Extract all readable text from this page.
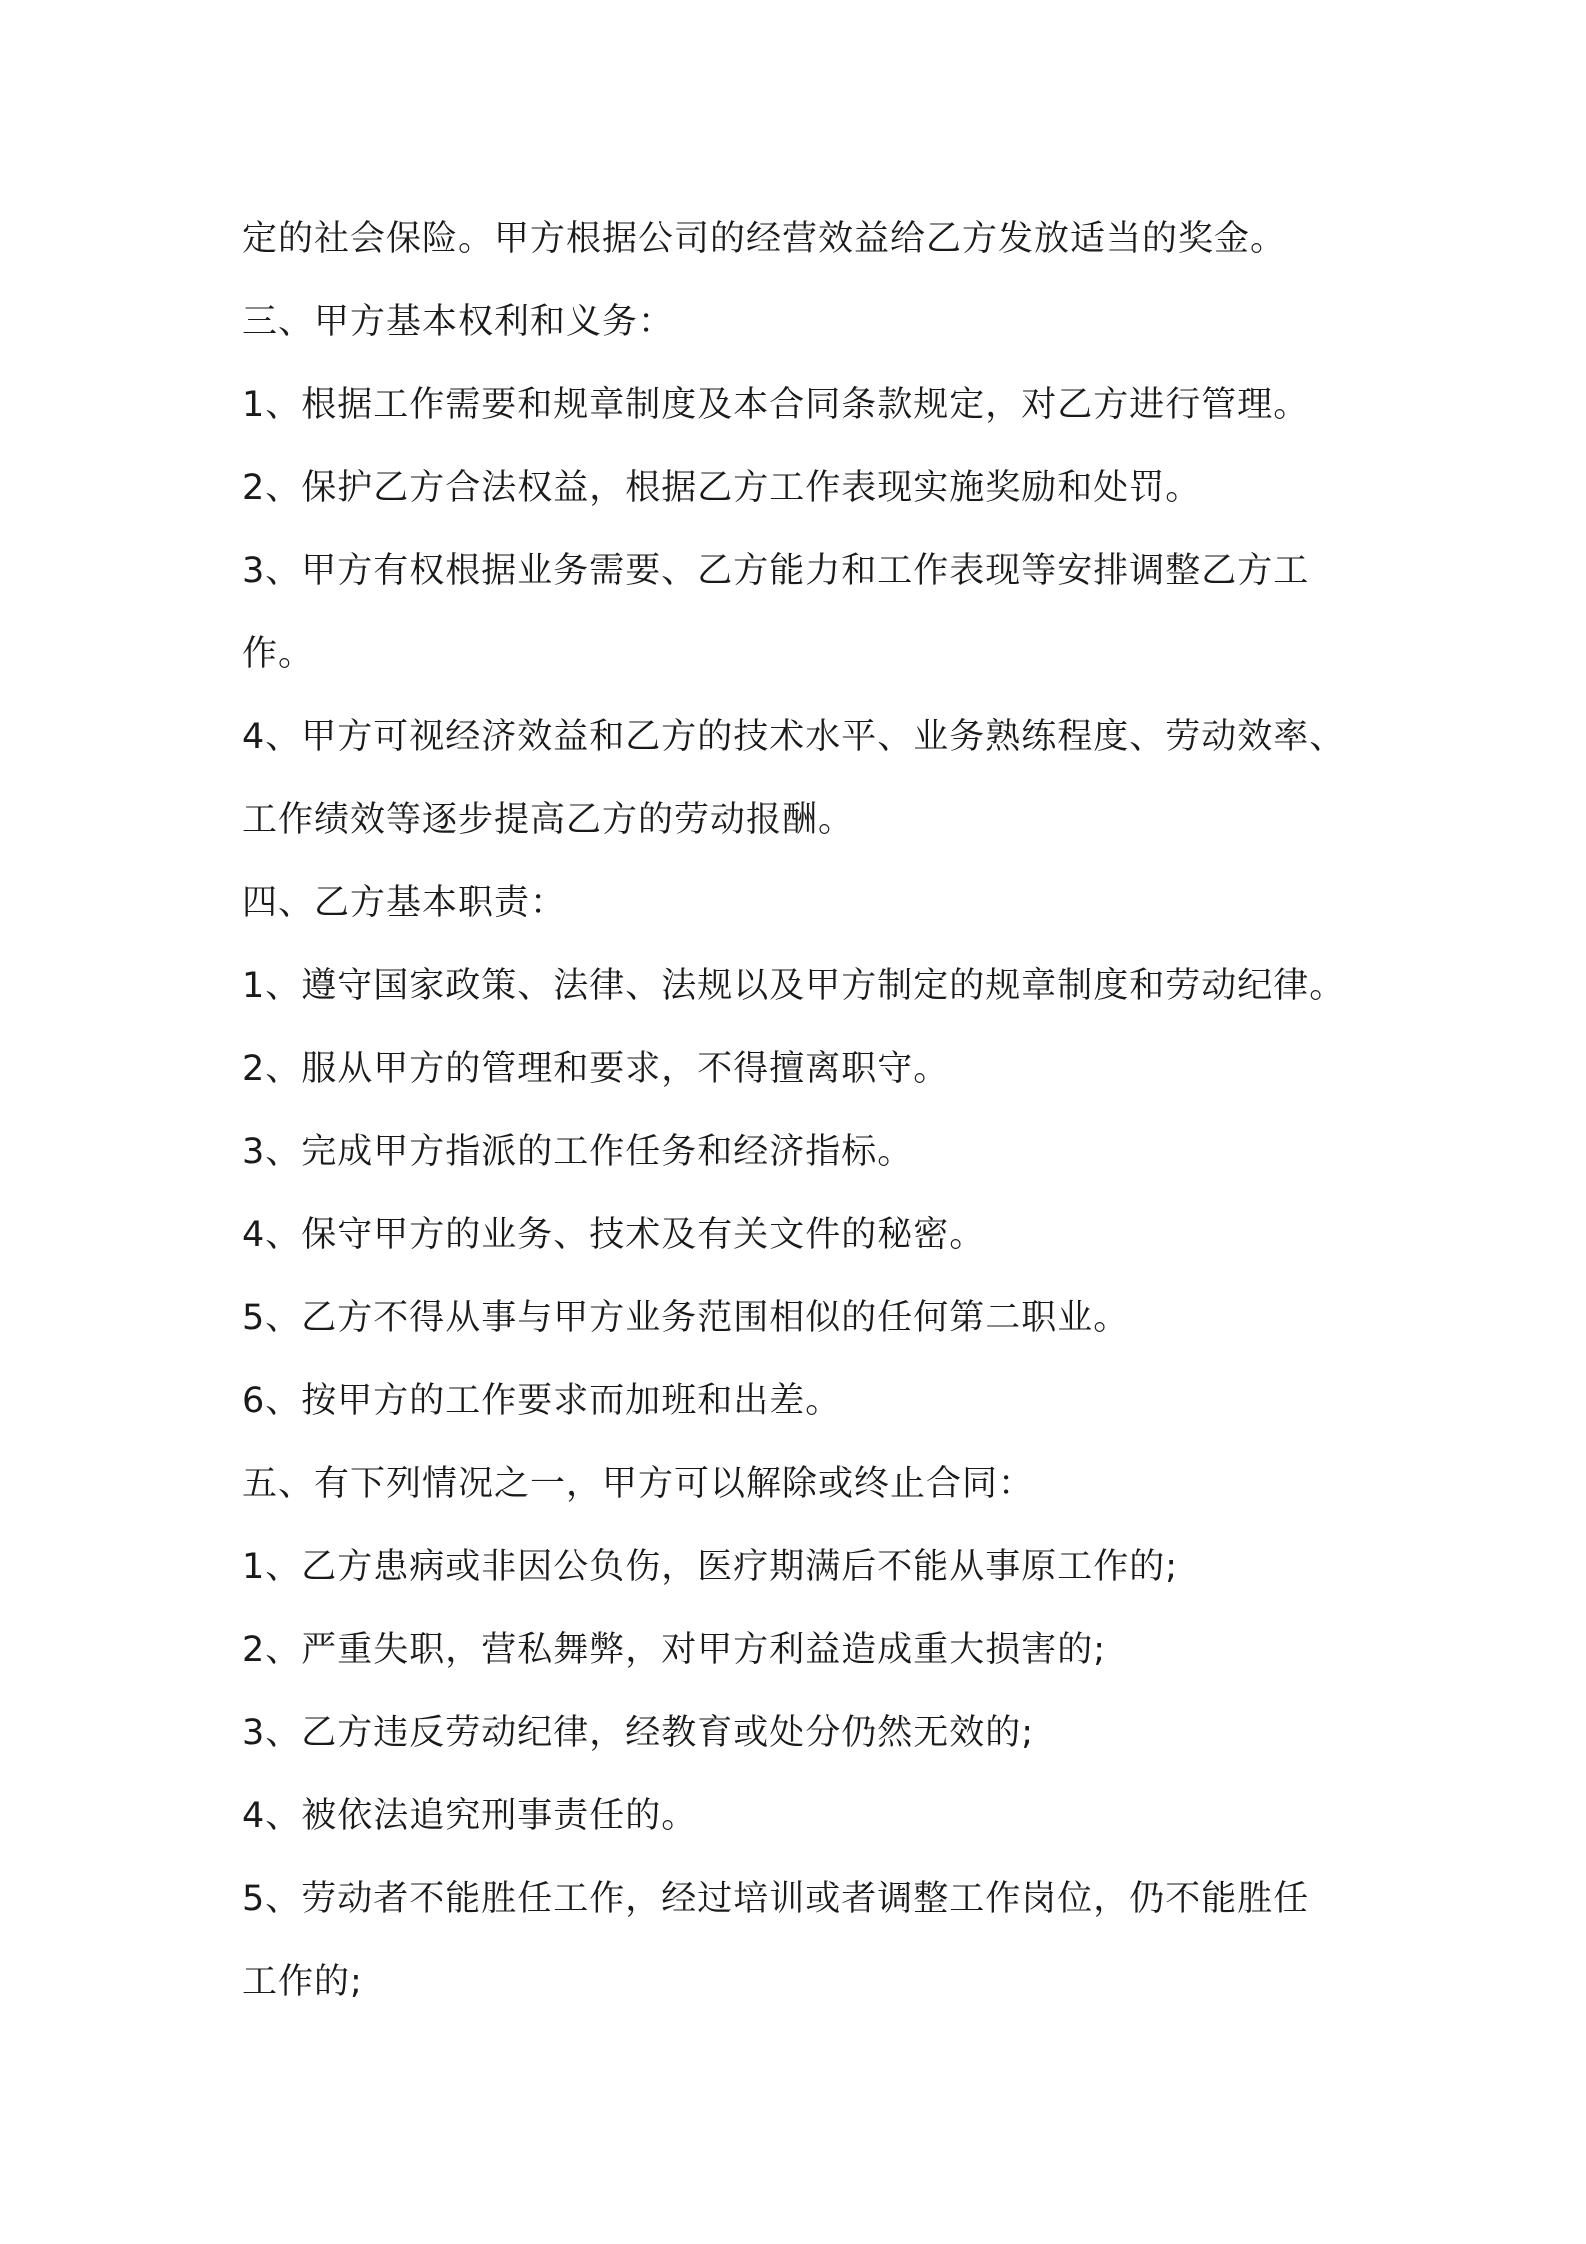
定的社会保险。甲方根据公司的经营效益给乙方发放适当的奖金。

三、甲方基本权利和义务：

1、根据工作需要和规章制度及本合同条款规定，对乙方进行管理。

2、保护乙方合法权益，根据乙方工作表现实施奖励和处罚。

3、甲方有权根据业务需要、乙方能力和工作表现等安排调整乙方工

作。

4、甲方可视经济效益和乙方的技术水平、业务熟练程度、劳动效率、

工作绩效等逐步提高乙方的劳动报酬。

四、乙方基本职责：

1、遵守国家政策、法律、法规以及甲方制定的规章制度和劳动纪律。

2、服从甲方的管理和要求，不得擅离职守。

3、完成甲方指派的工作任务和经济指标。

4、保守甲方的业务、技术及有关文件的秘密。

5、乙方不得从事与甲方业务范围相似的任何第二职业。

6、按甲方的工作要求而加班和出差。

五、有下列情况之一，甲方可以解除或终止合同：

1、乙方患病或非因公负伤，医疗期满后不能从事原工作的;

2、严重失职，营私舞弊，对甲方利益造成重大损害的;

3、乙方违反劳动纪律，经教育或处分仍然无效的;

4、被依法追究刑事责任的。

5、劳动者不能胜任工作，经过培训或者调整工作岗位，仍不能胜任

工作的;
